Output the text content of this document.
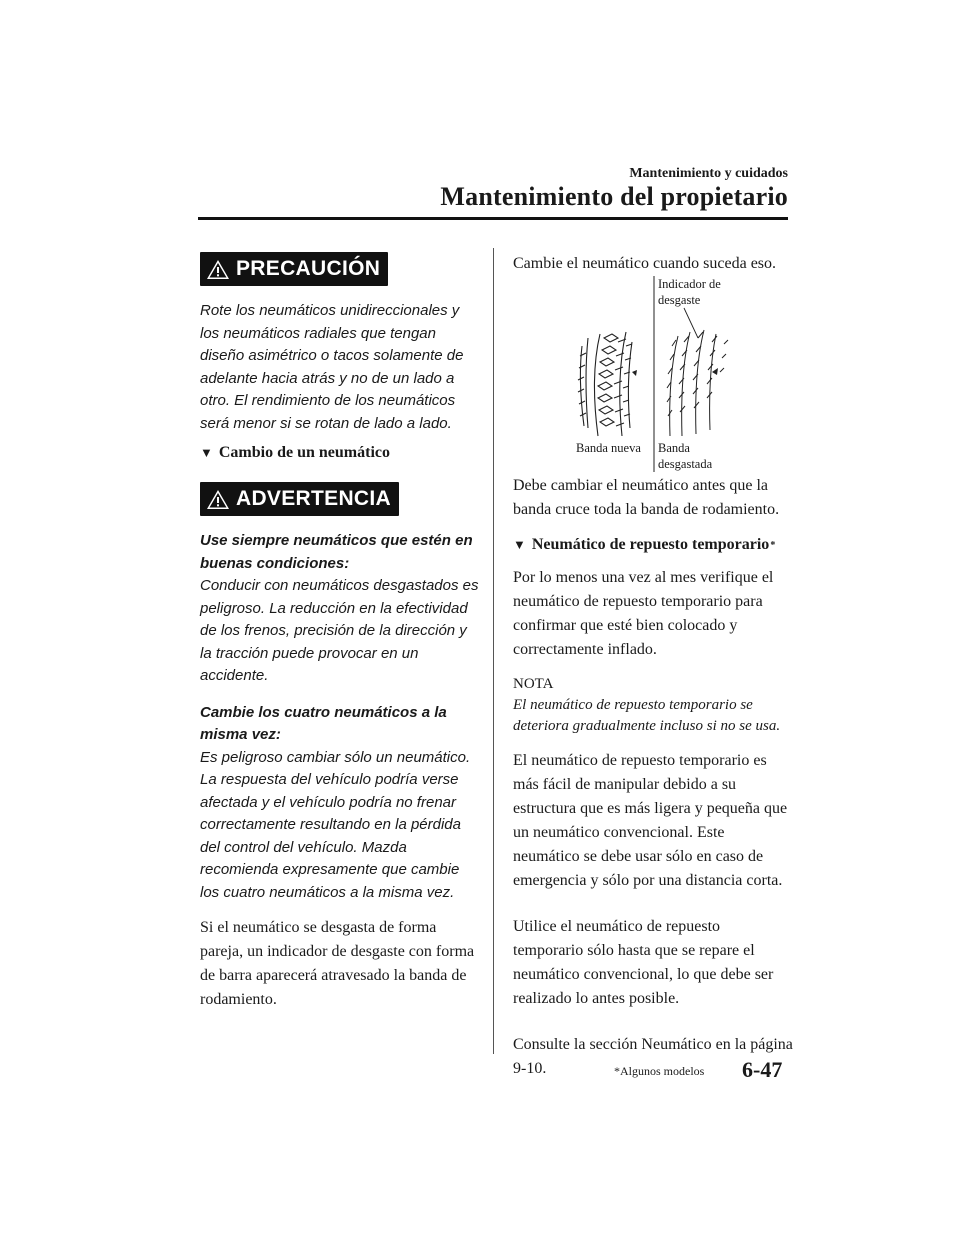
Mantenimiento y cuidados
Mantenimiento del propietario
PRECAUCIÓN

Rote los neumáticos unidireccionales y los neumáticos radiales que tengan diseño asimétrico o tacos solamente de adelante hacia atrás y no de un lado a otro. El rendimiento de los neumáticos será menor si se rotan de lado a lado.

▼ Cambio de un neumático
ADVERTENCIA

Use siempre neumáticos que estén en buenas condiciones:

Conducir con neumáticos desgastados es peligroso. La reducción en la efectividad de los frenos, precisión de la dirección y la tracción puede provocar en un accidente.

Cambie los cuatro neumáticos a la misma vez:

Es peligroso cambiar sólo un neumático. La respuesta del vehículo podría verse afectada y el vehículo podría no frenar correctamente resultando en la pérdida del control del vehículo. Mazda recomienda expresamente que cambie los cuatro neumáticos a la misma vez.

Si el neumático se desgasta de forma pareja, un indicador de desgaste con forma de barra aparecerá atravesado la banda de rodamiento.

Cambie el neumático cuando suceda eso.

Indicador de desgaste
Banda nueva Banda desgastada

Debe cambiar el neumático antes que la banda cruce toda la banda de rodamiento.

▼ Neumático de repuesto temporario *

Por lo menos una vez al mes verifique el neumático de repuesto temporario para confirmar que esté bien colocado y correctamente inflado.

NOTA

El neumático de repuesto temporario se deteriora gradualmente incluso si no se usa.

El neumático de repuesto temporario es más fácil de manipular debido a su estructura que es más ligera y pequeña que un neumático convencional. Este neumático se debe usar sólo en caso de emergencia y sólo por una distancia corta.

Utilice el neumático de repuesto temporario sólo hasta que se repare el neumático convencional, lo que debe ser realizado lo antes posible.

Consulte la sección Neumático en la página 9-10.	*Algunos modelos 6-47
